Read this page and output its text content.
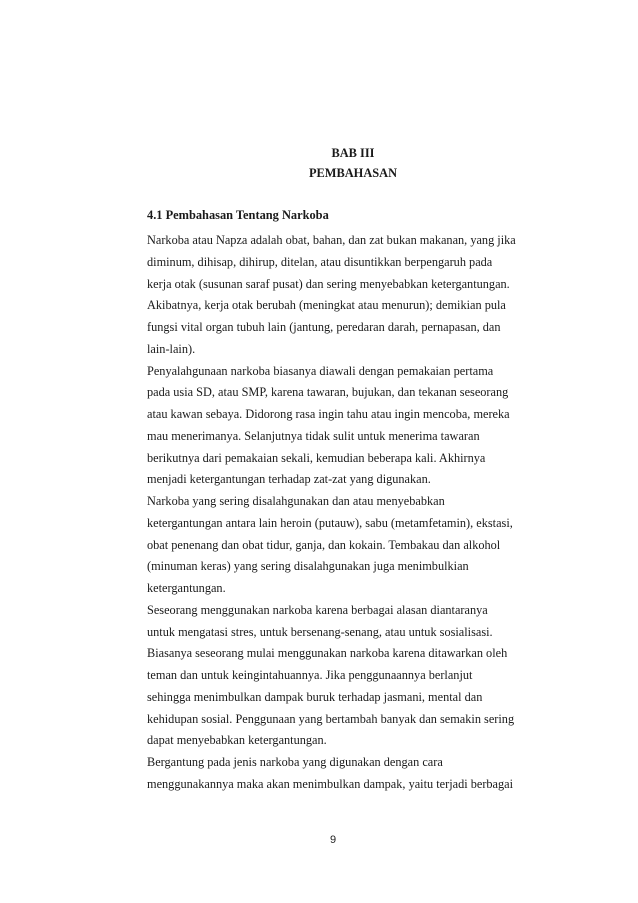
BAB III
PEMBAHASAN
4.1 Pembahasan Tentang Narkoba
Narkoba atau Napza adalah obat, bahan, dan zat bukan makanan, yang jika
diminum, dihisap, dihirup, ditelan, atau disuntikkan berpengaruh pada
kerja otak (susunan saraf pusat) dan sering menyebabkan ketergantungan.
Akibatnya, kerja otak berubah (meningkat atau menurun); demikian pula
fungsi vital organ tubuh lain (jantung, peredaran darah, pernapasan, dan
lain-lain).
Penyalahgunaan narkoba biasanya diawali dengan pemakaian pertama
pada usia SD, atau SMP, karena tawaran, bujukan, dan tekanan seseorang
atau kawan sebaya. Didorong rasa ingin tahu atau ingin mencoba, mereka
mau menerimanya. Selanjutnya tidak sulit untuk menerima tawaran
berikutnya dari pemakaian sekali, kemudian beberapa kali. Akhirnya
menjadi ketergantungan terhadap zat-zat yang digunakan.
Narkoba yang sering disalahgunakan dan atau menyebabkan
ketergantungan antara lain heroin (putauw), sabu (metamfetamin), ekstasi,
obat penenang dan obat tidur, ganja, dan kokain. Tembakau dan alkohol
(minuman keras) yang sering disalahgunakan juga menimbulkian
ketergantungan.
Seseorang menggunakan narkoba karena berbagai alasan diantaranya
untuk mengatasi stres, untuk bersenang-senang, atau untuk sosialisasi.
Biasanya seseorang mulai menggunakan narkoba karena ditawarkan oleh
teman dan untuk keingintahuannya. Jika penggunaannya berlanjut
sehingga menimbulkan dampak buruk terhadap jasmani, mental dan
kehidupan sosial. Penggunaan yang bertambah banyak dan semakin sering
dapat menyebabkan ketergantungan.
Bergantung pada jenis narkoba yang digunakan dengan cara
menggunakannya maka akan menimbulkan dampak, yaitu terjadi berbagai
9
